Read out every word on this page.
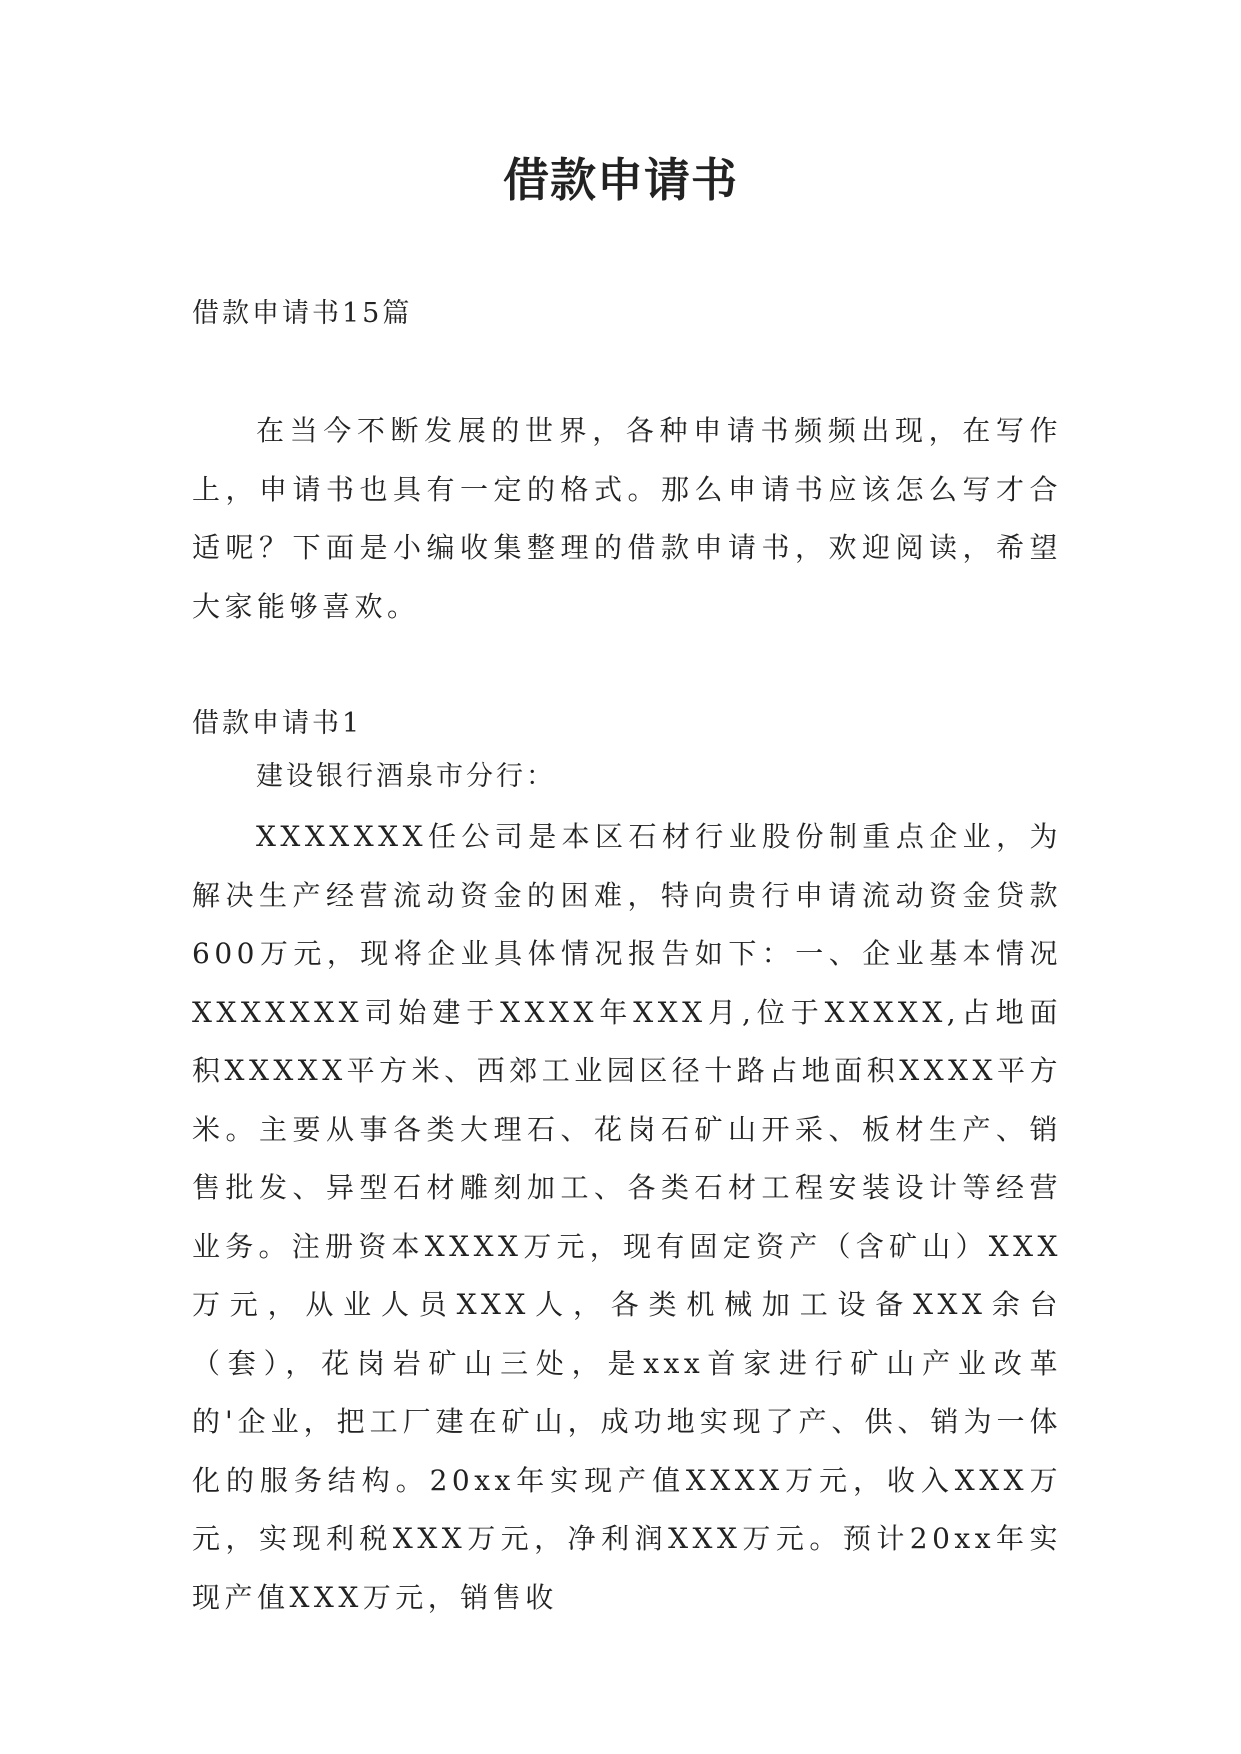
借款申请书

借款申请书15篇

在当今不断发展的世界，各种申请书频频出现，在写作上，申请书也具有一定的格式。那么申请书应该怎么写才合适呢？下面是小编收集整理的借款申请书，欢迎阅读，希望大家能够喜欢。

借款申请书1

建设银行酒泉市分行：

XXXXXXX任公司是本区石材行业股份制重点企业，为解决生产经营流动资金的困难，特向贵行申请流动资金贷款600万元，现将企业具体情况报告如下：一、企业基本情况XXXXXXX司始建于XXXX年XXX月,位于XXXXX,占地面积XXXXX平方米、西郊工业园区径十路占地面积XXXX平方米。主要从事各类大理石、花岗石矿山开采、板材生产、销售批发、异型石材雕刻加工、各类石材工程安装设计等经营业务。注册资本XXXX万元，现有固定资产（含矿山）XXX万元，从业人员XXX人，各类机械加工设备XXX余台（套），花岗岩矿山三处，是xxx首家进行矿山产业改革的'企业，把工厂建在矿山，成功地实现了产、供、销为一体化的服务结构。20xx年实现产值XXXX万元，收入XXX万元，实现利税XXX万元，净利润XXX万元。预计20xx年实现产值XXX万元，销售收
